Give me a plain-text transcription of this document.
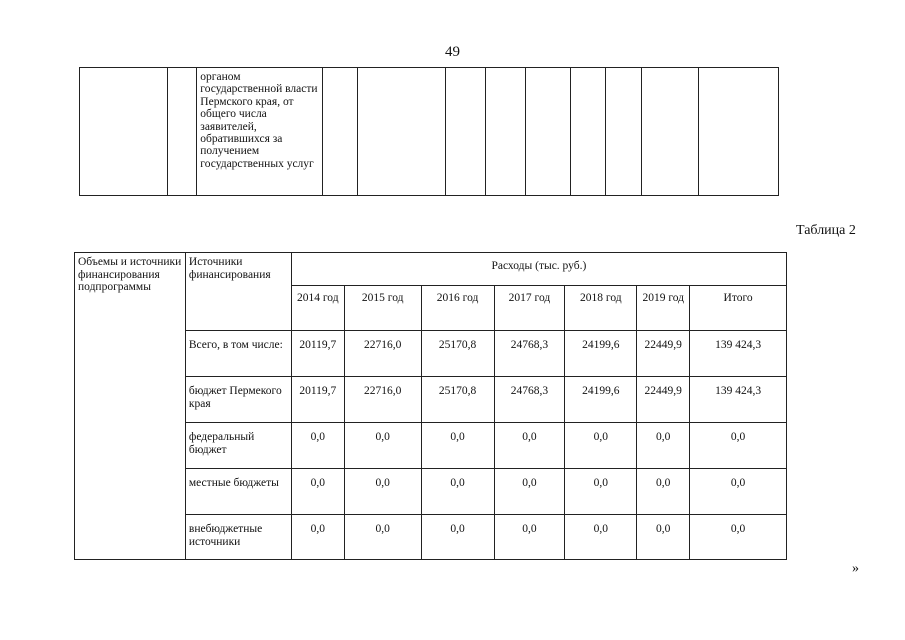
49

органом государственной власти Пермского края, от общего числа заявителей, обратившихся за получением государственных услуг

Таблица 2
Объемы и источники финансирования подпрограммы	Источники финансирования	Расходы (тыс. руб.)						
		2014 год	2015 год	2016 год	2017 год	2018 год	2019 год	Итого
	Всего, в том числе:	20119,7	22716,0	25170,8	24768,3	24199,6	22449,9	139 424,3
	бюджет Пермекого края	20119,7	22716,0	25170,8	24768,3	24199,6	22449,9	139 424,3
	федеральный бюджет	0,0	0,0	0,0	0,0	0,0	0,0	0,0
	местные бюджеты	0,0	0,0	0,0	0,0	0,0	0,0	0,0
	внебюджетные источники	0,0	0,0	0,0	0,0	0,0	0,0	0,0
»
